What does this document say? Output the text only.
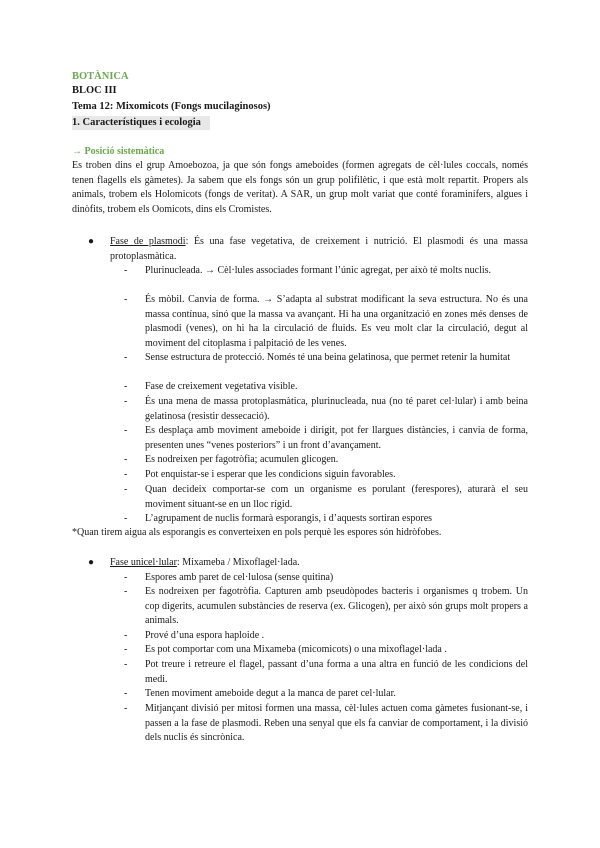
BOTÀNICA
BLOC III
Tema 12: Mixomicots (Fongs mucilaginosos)
1. Característiques i ecologia
→ Posició sistemàtica
Es troben dins el grup Amoebozoa, ja que són fongs ameboides (formen agregats de cèl·lules coccals, només tenen flagells els gàmetes). Ja sabem que els fongs són un grup polifilètic, i que està molt repartit. Propers als animals, trobem els Holomicots (fongs de veritat). A SAR, un grup molt variat que conté foraminífers, algues i dinòfits, trobem els Oomicots, dins els Cromistes.
● Fase de plasmodi: És una fase vegetativa, de creixement i nutrició. El plasmodi és una massa protoplasmàtica.
- Plurinucleada. → Cèl·lules associades formant l’únic agregat, per això té molts nuclis.
- És mòbil. Canvia de forma. → S’adapta al substrat modificant la seva estructura. No és una massa contínua, sinó que la massa va avançant. Hi ha una organització en zones més denses de plasmodi (venes), on hi ha la circulació de fluids. Es veu molt clar la circulació, degut al moviment del citoplasma i palpitació de les venes.
- Sense estructura de protecció. Només té una beina gelatinosa, que permet retenir la humitat
- Fase de creixement vegetativa visible.
- És una mena de massa protoplasmàtica, plurinucleada, nua (no té paret cel·lular) i amb beina gelatinosa (resistir dessecació).
- Es desplaça amb moviment ameboide i dirigit, pot fer llargues distàncies, i canvia de forma, presenten unes “venes posteriors” i un front d’avançament.
- Es nodreixen per fagotròfia; acumulen glicogen.
- Pot enquistar-se i esperar que les condicions siguin favorables.
- Quan decideix comportar-se com un organisme es porulant (ferespores), aturarà el seu moviment situant-se en un lloc rígid.
- L’agrupament de nuclis formarà esporangis, i d’aquests sortiran espores
*Quan tirem aigua als esporangis es converteixen en pols perquè les espores són hidròfobes.
● Fase unicel·lular: Mixameba / Mixoflagel·lada.
- Espores amb paret de cel·lulosa (sense quitina)
- Es nodreixen per fagotròfia. Capturen amb pseudòpodes bacteris i organismes q trobem. Un cop digerits, acumulen substàncies de reserva (ex. Glicogen), per això són grups molt propers a animals.
- Prové d’una espora haploide .
- Es pot comportar com una Mixameba (micomicots) o una mixoflagel·lada .
- Pot treure i retreure el flagel, passant d’una forma a una altra en funció de les condicions del medi.
- Tenen moviment ameboide degut a la manca de paret cel·lular.
- Mitjançant divisió per mitosi formen una massa, cèl·lules actuen coma gàmetes fusionant-se, i passen a la fase de plasmodi. Reben una senyal que els fa canviar de comportament, i la divisió dels nuclis és sincrònica.
